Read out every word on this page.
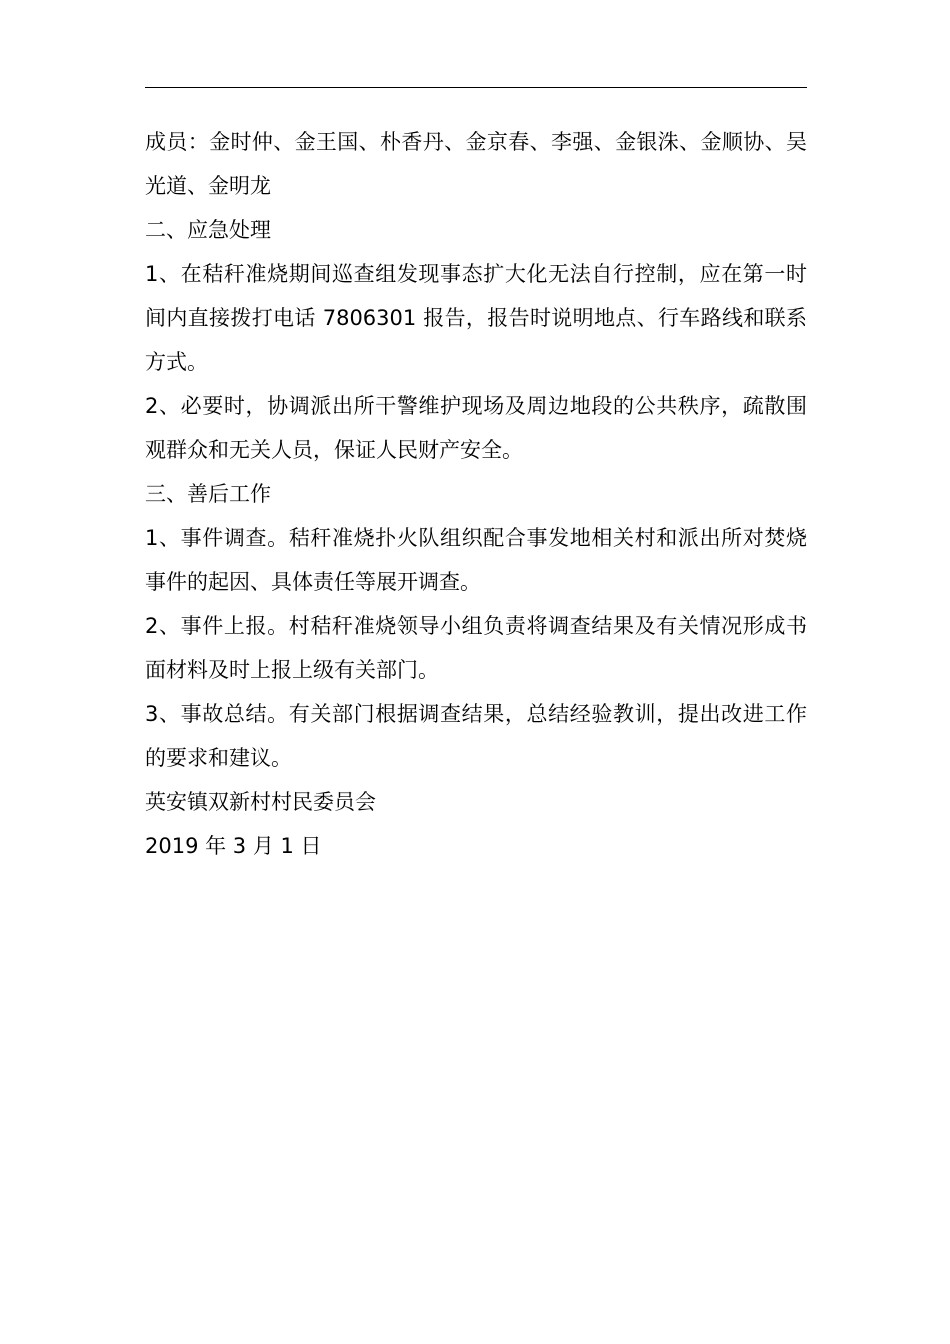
成员：金时仲、金王国、朴香丹、金京春、李强、金银洙、金顺协、吴光道、金明龙

二、应急处理

1、在秸秆准烧期间巡查组发现事态扩大化无法自行控制，应在第一时间内直接拨打电话 7806301 报告，报告时说明地点、行车路线和联系方式。

2、必要时，协调派出所干警维护现场及周边地段的公共秩序，疏散围观群众和无关人员，保证人民财产安全。

三、善后工作

1、事件调查。秸秆准烧扑火队组织配合事发地相关村和派出所对焚烧事件的起因、具体责任等展开调查。

2、事件上报。村秸秆准烧领导小组负责将调查结果及有关情况形成书面材料及时上报上级有关部门。

3、事故总结。有关部门根据调查结果，总结经验教训，提出改进工作的要求和建议。

英安镇双新村村民委员会

2019 年 3 月 1 日
